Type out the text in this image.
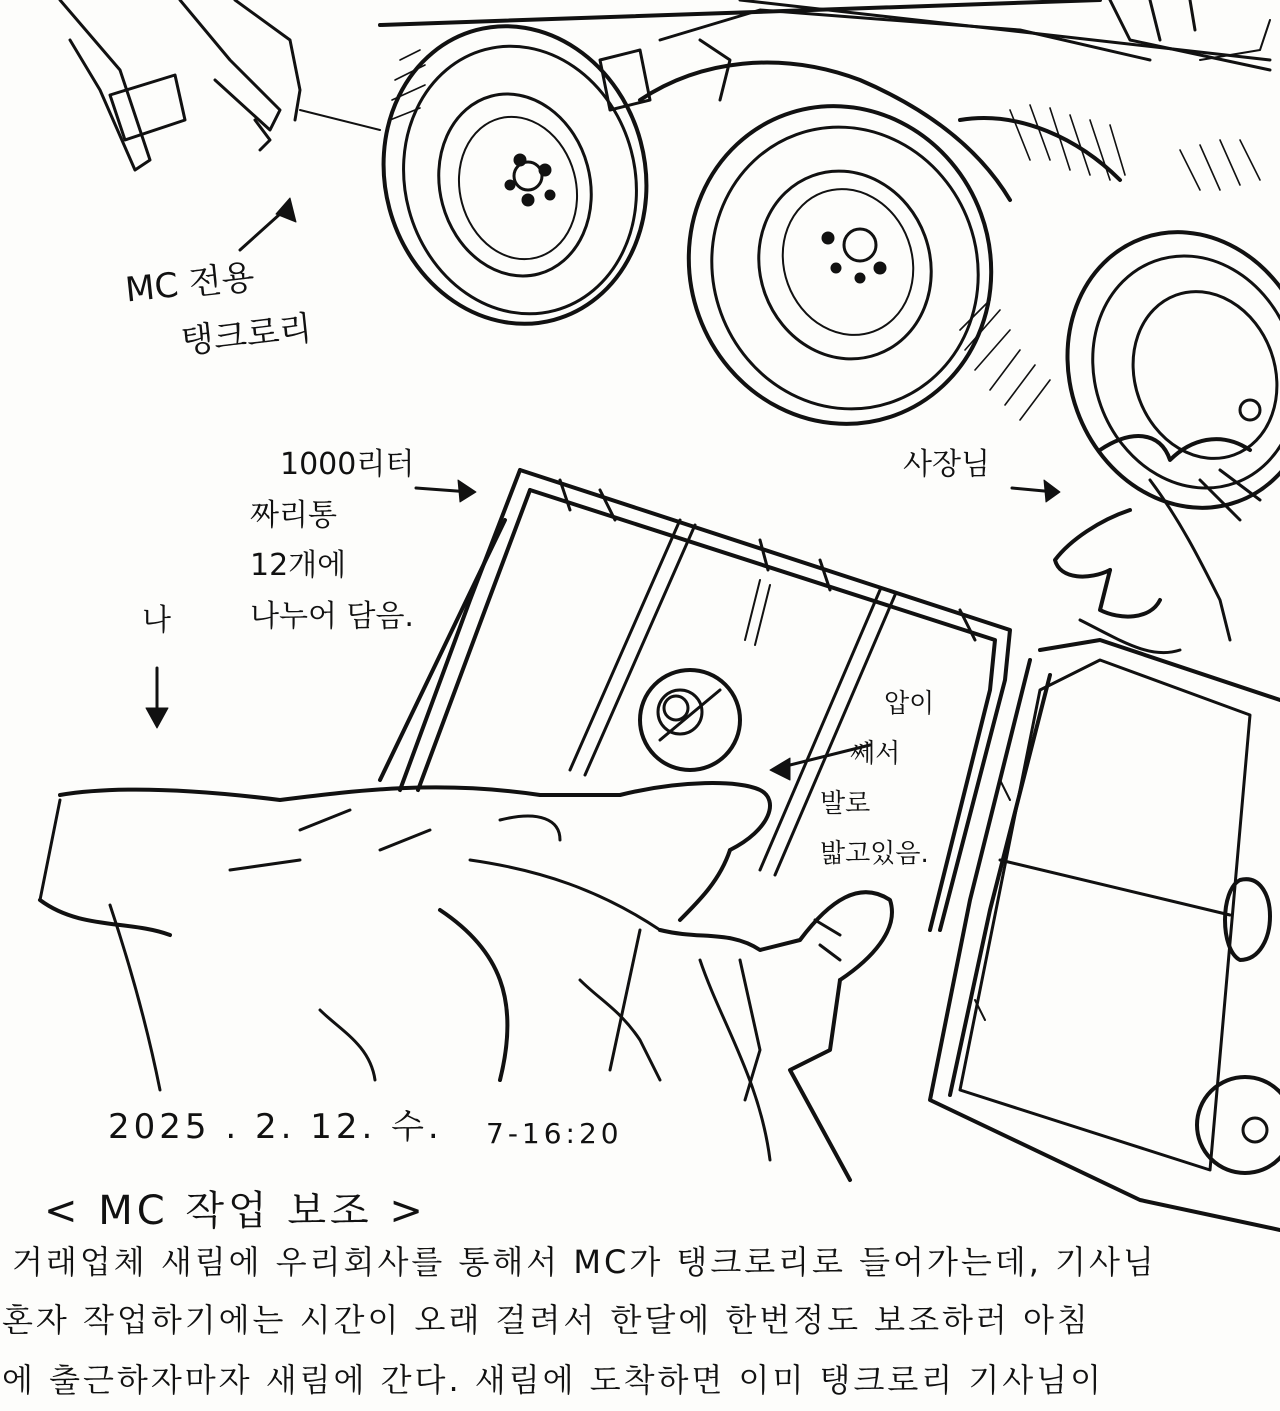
MC 전용
탱크로리
1000리터
짜리통
12개에
나누어 담음.
사장님
나
압이
쎄서
발로
밟고있음.
2025 . 2. 12. 수. 7-16:20
< MC 작업 보조 >
거래업체 새림에 우리회사를 통해서 MC가 탱크로리로 들어가는데, 기사님
혼자 작업하기에는 시간이 오래 걸려서 한달에 한번정도 보조하러 아침
에 출근하자마자 새림에 간다. 새림에 도착하면 이미 탱크로리 기사님이
